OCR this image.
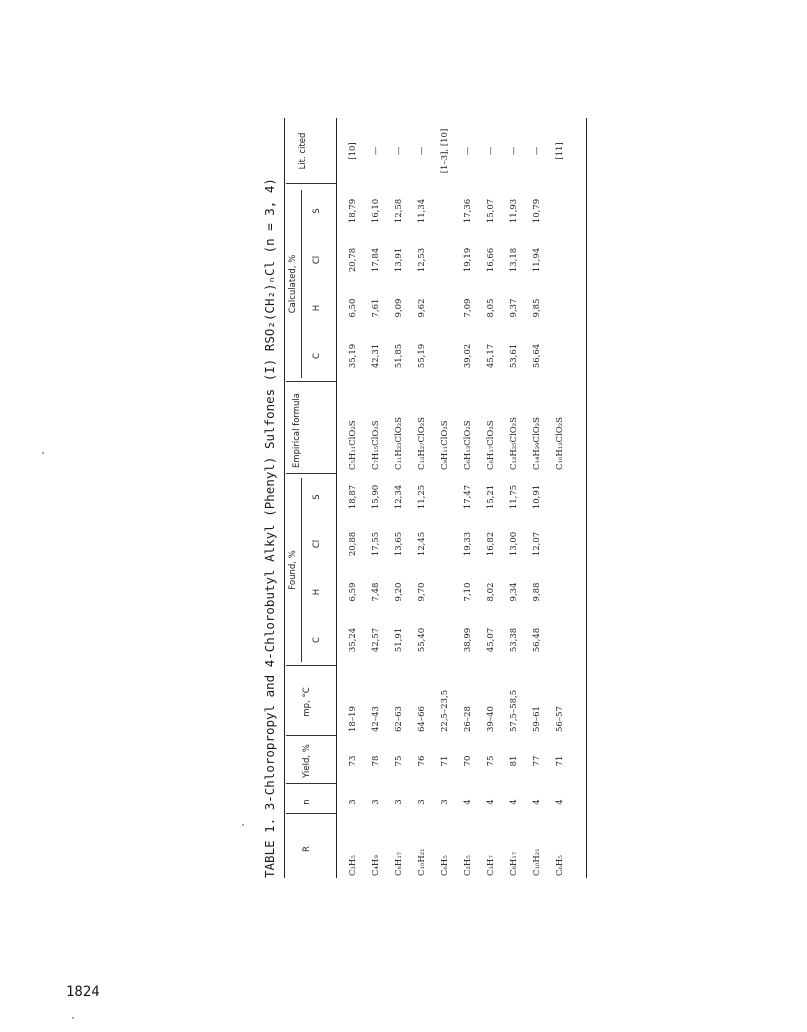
1824
TABLE 1. 3-Chloropropyl and 4-Chlorobutyl Alkyl (Phenyl) Sulfones (I) RSO₂(CH₂)ₙCl (n = 3, 4)	R
n
Yield, %
mp, °C
Found, %
C
H
Cl
S
Empirical formula
Calculated, %
C
H
Cl
S
Lit. cited
C₂H₅
3
73
18–19
35,24
6,59
20,88
18,87
C₅H₁₁ClO₂S
35,19
6,50
20,78
18,79
[10]
C₄H₉
3
78
42–43
42,57
7,48
17,55
15,90
C₇H₁₅ClO₂S
42,31
7,61
17,84
16,10
—
C₈H₁₇
3
75
62–63
51,91
9,20
13,65
12,34
C₁₁H₂₃ClO₂S
51,85
9,09
13,91
12,58
—
C₁₀H₂₁
3
76
64–66
55,40
9,70
12,45
11,25
C₁₃H₂₇ClO₂S
55,19
9,62
12,53
11,34
—
C₆H₅
3
71
22,5–23,5
C₉H₁₁ClO₂S
[1–3], [10]
C₂H₅
4
70
26–28
38,99
7,10
19,33
17,47
C₆H₁₃ClO₂S
39,02
7,09
19,19
17,36
—
C₃H₇
4
75
39–40
45,07
8,02
16,82
15,21
C₈H₁₇ClO₂S
45,17
8,05
16,66
15,07
—
C₈H₁₇
4
81
57,5–58,5
53,38
9,34
13,00
11,75
C₁₂H₂₅ClO₂S
53,61
9,37
13,18
11,93
—
C₁₀H₂₁
4
77
59–61
56,48
9,88
12,07
10,91
C₁₄H₂₉ClO₂S
56,64
9,85
11,94
10,79
—
C₆H₅
4
71
56–57
C₁₀H₁₃ClO₂S
[11]
